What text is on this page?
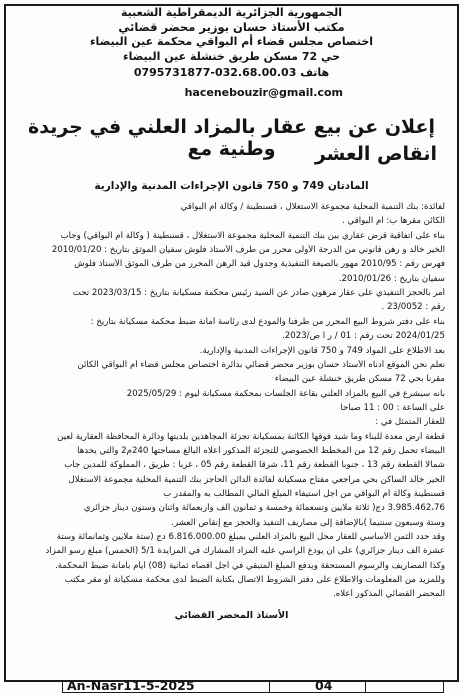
الجمهورية الجزائرية الديمقراطية الشعبية
مكتب الأستاذ حسان بوزير محضر قضائي
اختصاص مجلس قضاء أم البواقي محكمة عين البيضاء
حي 72 مسكن طريق خنشلة عين البيضاء
هاتف 032.68.00.03-0795731877
hacenebouzir@gmail.com
إعلان عن بيع عقار بالمزاد العلني في جريدة وطنية مع	انقاص العشر
المادتان 749 و 750 قانون الإجراءات المدنية والإدارية
لفائدة: بنك التنمية المحلية مجموعة الاستغلال ، قسنطينة / وكالة أم البواقي
الكائن مقرها ب: أم البواقي .
بناء على اتفاقية قرض عقاري بين بنك التنمية المحلية مجموعة الاستغلال ، قسنطينة ( وكالة أم البواقي) وجاب
الخير خالد و رهن قانوني من الدرجة الأولى محرر من طرف الأستاذ فلوش سفيان الموثق بتاريخ : 2010/01/20
فهرس رقم : 2010/95 مهور بالصيغة التنفيذية وجدول قيد الرهن المحرر من طرف الموثق الأستاذ فلوش
سفيان بتاريخ : 2010/01/26.
أمر بالحجز التنفيذي على عقار مرهون صادر عن السيد رئيس محكمة مسكيانة بتاريخ : 2023/03/15 تحت
رقم : 23/0052 .
بناء على دفتر شروط البيع المحرر من طرفنا والمودع لدى رئاسة أمانة ضبط محكمة مسكيانة بتاريخ :
2024/01/25 تحت رقم : 01 / ر أ ص/2023.
بعد الاطلاع على المواد 749 و 750 قانون الإجراءات المدنية والإدارية.
نعلم نحن الموقع أدناه الأستاذ حسان بوزير محضر قضائي بدائرة اختصاص مجلس قضاء أم البواقي الكائن
مقرنا بحي 72 مسكن طريق خنشلة عين البيضاء
بأنه سيشرع في البيع بالمزاد العلني بقاعة الجلسات بمحكمة مسكيانة ليوم : 2025/05/29
على الساعة : 00 : 11 صباحا
للعقار المتمثل في :
قطعة أرض معدة للبناء وما شيد فوقها الكائنة بمسكيانة تجزئة المجاهدين بلديتها ودائرة المحافظة العقارية لعين
البيضاء تحمل رقم 12 من المخطط الخصوصي للتجزئة المذكور أعلاه البالغ مساحتها 240م2 والتي يحدها
شمالا القطعة رقم 13 ، جنوبا القطعة رقم 11، شرقا القطعة رقم 05 ، غربا : طريق ، المملوكة للمدين جاب
الخير خالد الساكن بحي مراجعي مفتاح مسكيانة لفائدة الدائن الحاجز بنك التنمية المحلية مجموعة الاستغلال
قسنطينة وكالة أم البواقي من أجل استيفاء المبلغ المالي المطالب به والمقدر ب
3.985.462،76 دج( ثلاثة ملايين وتسعمائة وخمسة و ثمانون ألف وأربعمائة واثنان وستون دينار جزائري
وستة وسبعون سنتيما )بالإضافة إلى مصاريف التنفيذ والحجز مع إنقاص العشر.
وقد حدد الثمن الأساسي للعقار محل البيع بالمزاد العلني بمبلغ 6.816.000.00 دج (ستة ملايين وثمانمائة وستة
عشرة ألف دينار جزائري) على أن يودع الراسي عليه المزاد المشارك في المزايدة 5/1 (الخمس) مبلغ رسو المزاد
وكذا المصاريف والرسوم المستحقة ويدفع المبلغ المتبقي في أجل أقصاه ثمانية (08) أيام بأمانة ضبط المحكمة.
وللمزيد من المعلومات والاطلاع على دفتر الشروط الاتصال بكتابة الضبط لدى محكمة مسكيانة أو مقر مكتب
المحضر القضائي المذكور أعلاه.
الأستاذ المحضر القضائي
An-Nasr11-5-2025	04
